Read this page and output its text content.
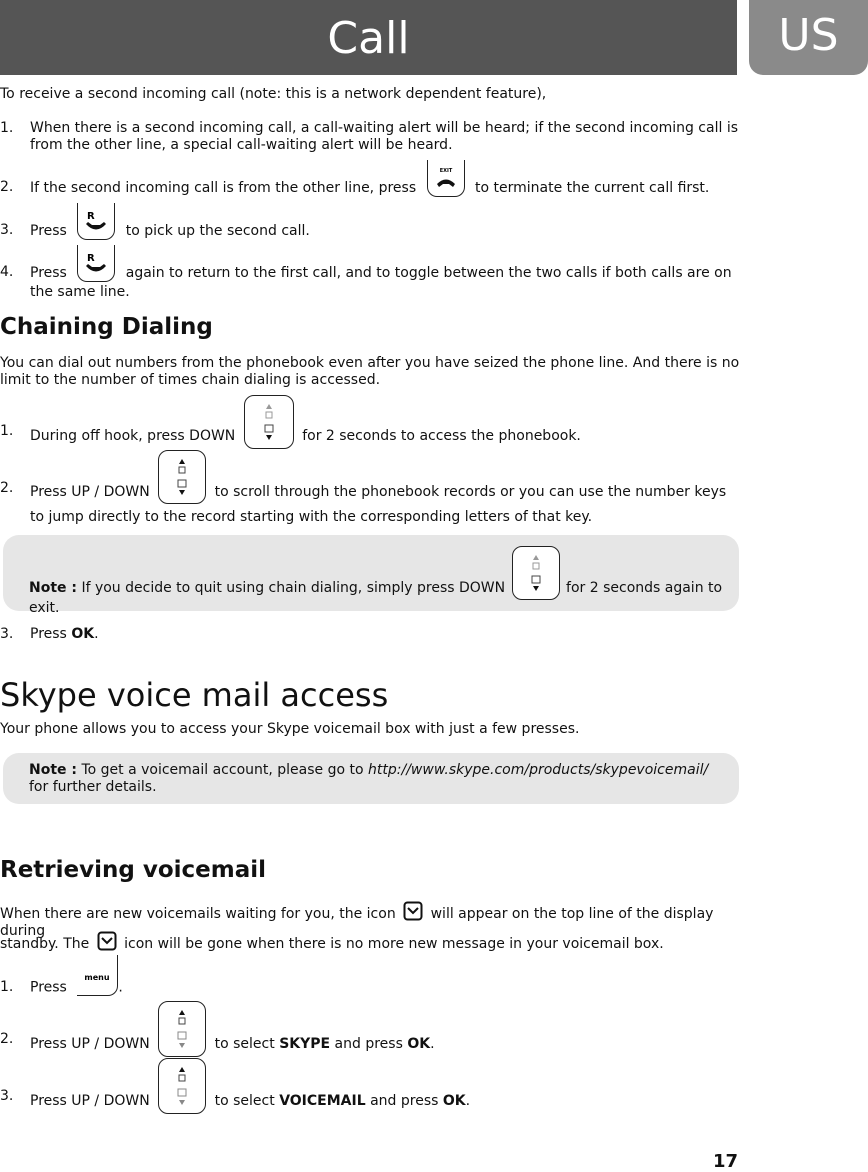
Call	US
To receive a second incoming call (note: this is a network dependent feature),
1. When there is a second incoming call, a call-waiting alert will be heard; if the second incoming call is from the other line, a special call-waiting alert will be heard.
2. If the second incoming call is from the other line, press
EXIT
to terminate the current call first.
3. Press
R
to pick up the second call.
4. Press
R
again to return to the first call, and to toggle between the two calls if both calls are on the same line.
Chaining Dialing
You can dial out numbers from the phonebook even after you have seized the phone line. And there is no limit to the number of times chain dialing is accessed.
1. During off hook, press DOWN	for 2 seconds to access the phonebook.
2. Press UP / DOWN	to scroll through the phonebook records or you can use the number keys to jump directly to the record starting with the corresponding letters of that key.
Note : If you decide to quit using chain dialing, simply press DOWN	for 2 seconds again to exit.
3. Press OK.
Skype voice mail access
Your phone allows you to access your Skype voicemail box with just a few presses.
Note : To get a voicemail account, please go to http://www.skype.com/products/skypevoicemail/ for further details.
Retrieving voicemail
When there are new voicemails waiting for you, the icon will appear on the top line of the display during
standby. The icon will be gone when there is no more new message in your voicemail box.
1. Press
menu
.
2. Press UP / DOWN	to select SKYPE and press OK.
3. Press UP / DOWN	to select VOICEMAIL and press OK.
17
